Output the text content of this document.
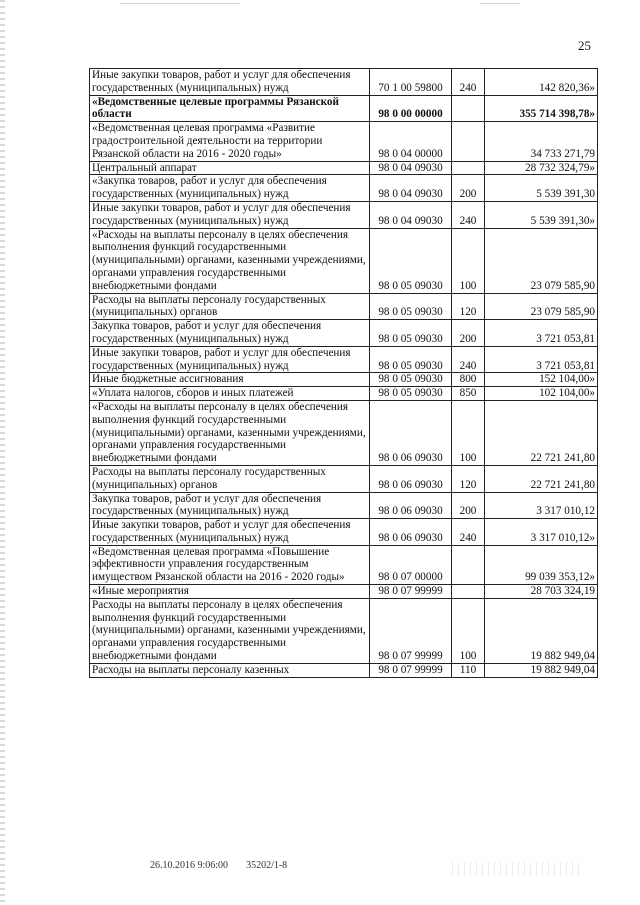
25
Иные закупки товаров, работ и услуг для обеспечения государственных (муниципальных) нужд	70 1 00 59800	240	142 820,36»
«Ведомственные целевые программы Рязанской области	98 0 00 00000		355 714 398,78»
«Ведомственная целевая программа «Развитие градостроительной деятельности на территории Рязанской области на 2016 - 2020 годы»	98 0 04 00000		34 733 271,79
Центральный аппарат	98 0 04 09030		28 732 324,79»
«Закупка товаров, работ и услуг для обеспечения государственных (муниципальных) нужд	98 0 04 09030	200	5 539 391,30
Иные закупки товаров, работ и услуг для обеспечения государственных (муниципальных) нужд	98 0 04 09030	240	5 539 391,30»
«Расходы на выплаты персоналу в целях обеспечения выполнения функций государственными (муниципальными) органами, казенными учреждениями, органами управления государственными внебюджетными фондами	98 0 05 09030	100	23 079 585,90
Расходы на выплаты персоналу государственных (муниципальных) органов	98 0 05 09030	120	23 079 585,90
Закупка товаров, работ и услуг для обеспечения государственных (муниципальных) нужд	98 0 05 09030	200	3 721 053,81
Иные закупки товаров, работ и услуг для обеспечения государственных (муниципальных) нужд	98 0 05 09030	240	3 721 053,81
Иные бюджетные ассигнования	98 0 05 09030	800	152 104,00»
«Уплата налогов, сборов и иных платежей	98 0 05 09030	850	102 104,00»
«Расходы на выплаты персоналу в целях обеспечения выполнения функций государственными (муниципальными) органами, казенными учреждениями, органами управления государственными внебюджетными фондами	98 0 06 09030	100	22 721 241,80
Расходы на выплаты персоналу государственных (муниципальных) органов	98 0 06 09030	120	22 721 241,80
Закупка товаров, работ и услуг для обеспечения государственных (муниципальных) нужд	98 0 06 09030	200	3 317 010,12
Иные закупки товаров, работ и услуг для обеспечения государственных (муниципальных) нужд	98 0 06 09030	240	3 317 010,12»
«Ведомственная целевая программа «Повышение эффективности управления государственным имуществом Рязанской области на 2016 - 2020 годы»	98 0 07 00000		99 039 353,12»
«Иные мероприятия	98 0 07 99999		28 703 324,19
Расходы на выплаты персоналу в целях обеспечения выполнения функций государственными (муниципальными) органами, казенными учреждениями, органами управления государственными внебюджетными фондами	98 0 07 99999	100	19 882 949,04
Расходы на выплаты персоналу казенных	98 0 07 99999	110	19 882 949,04
26.10.2016 9:06:00 35202/1-8
